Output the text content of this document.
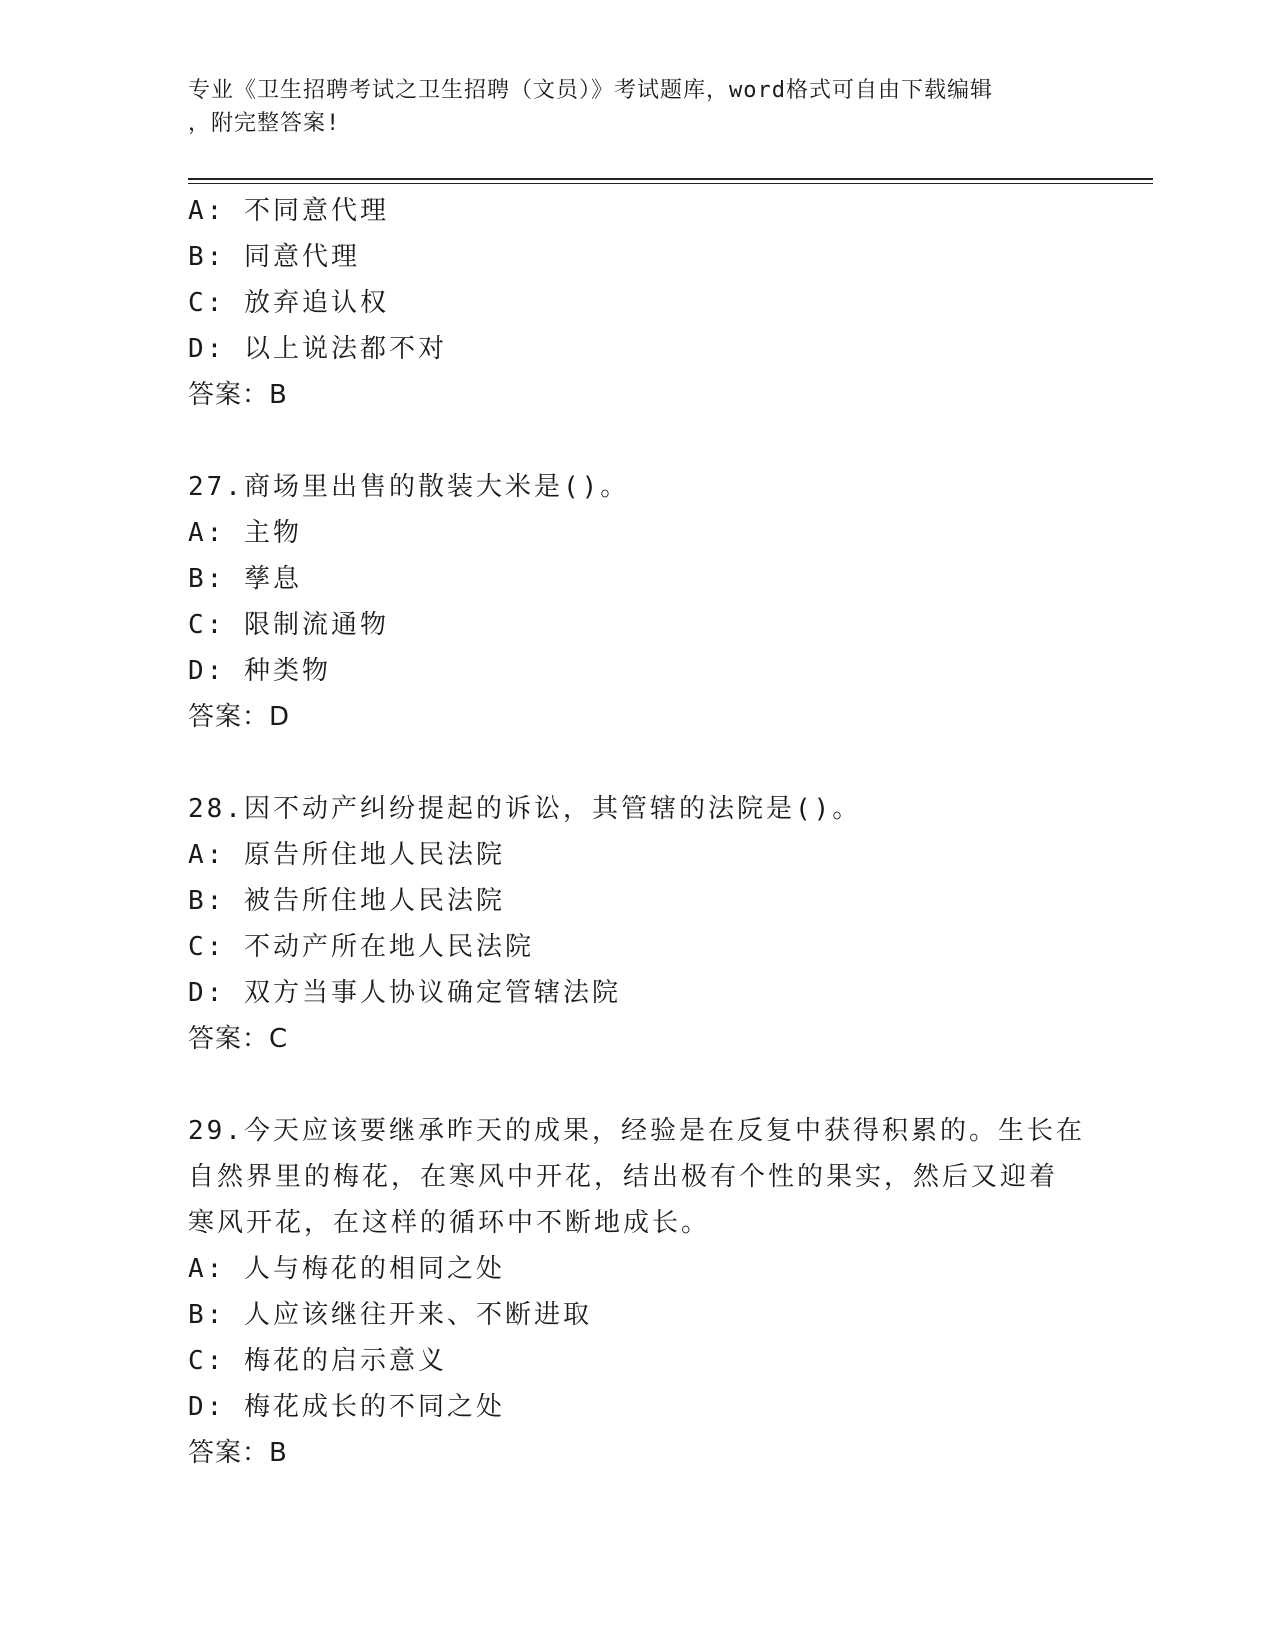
专业《卫生招聘考试之卫生招聘（文员）》考试题库，word格式可自由下载编辑
，附完整答案!
A: 不同意代理
B: 同意代理
C: 放弃追认权
D: 以上说法都不对
答案：B
27.商场里出售的散装大米是()。
A: 主物
B: 孳息
C: 限制流通物
D: 种类物
答案：D
28.因不动产纠纷提起的诉讼，其管辖的法院是()。
A: 原告所住地人民法院
B: 被告所住地人民法院
C: 不动产所在地人民法院
D: 双方当事人协议确定管辖法院
答案：C
29.今天应该要继承昨天的成果，经验是在反复中获得积累的。生长在
自然界里的梅花，在寒风中开花，结出极有个性的果实，然后又迎着
寒风开花，在这样的循环中不断地成长。
A: 人与梅花的相同之处
B: 人应该继往开来、不断进取
C: 梅花的启示意义
D: 梅花成长的不同之处
答案：B
